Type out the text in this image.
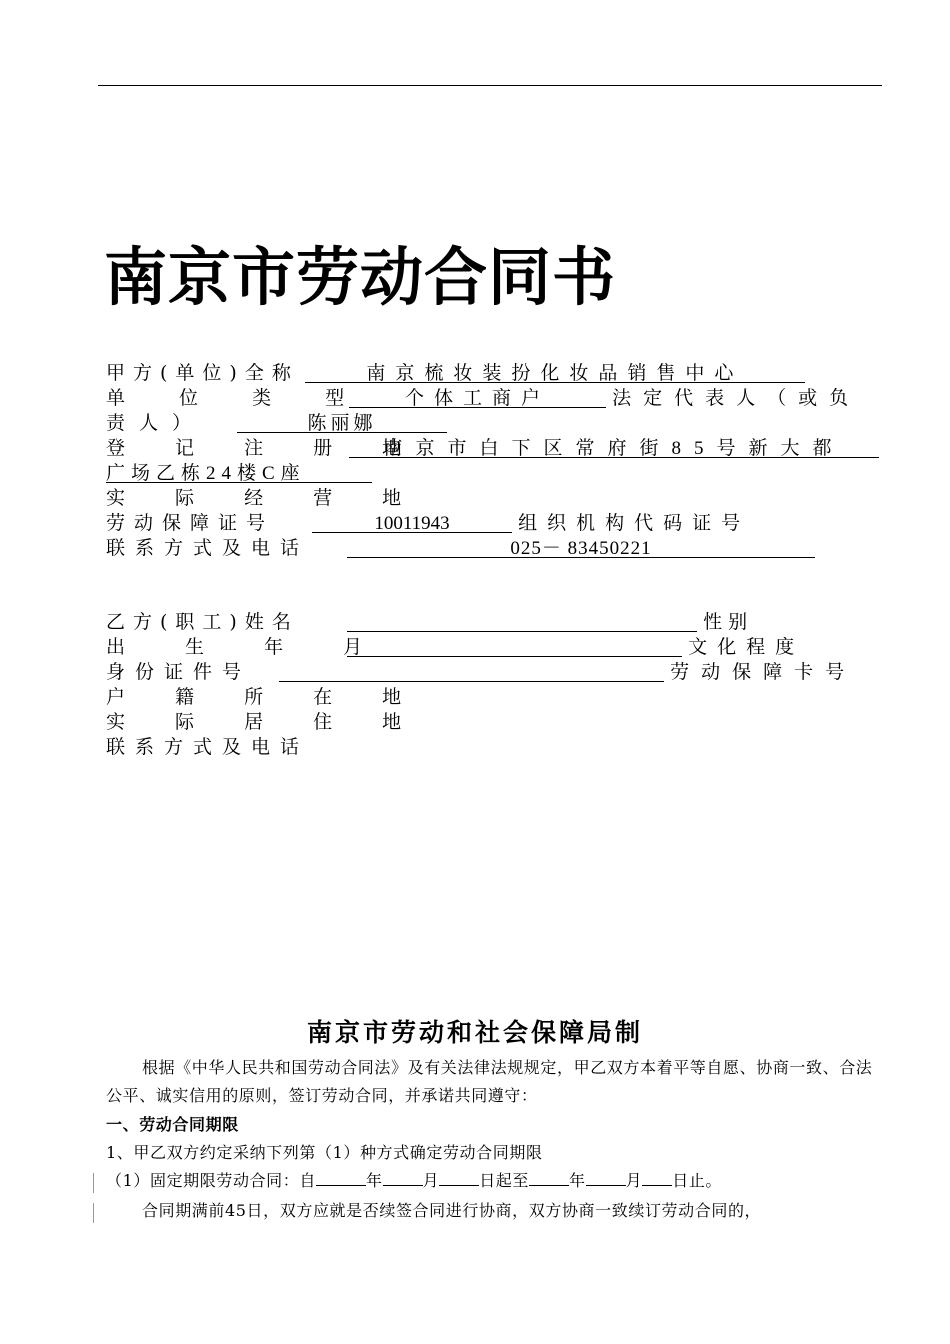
南京市劳动合同书
甲方(单位)全称	南京梳妆装扮化妆品销售中心
单 位 类 型 个体工商户	法定代表人（或负
责人）	陈丽娜
登 记 注 册 地 南京市白下区常府街85号新大都
广场乙栋24楼C座
实 际 经 营 地
劳动保障证号	10011943	组织机构代码证号
联系方式及电话	025－ 83450221
乙方(职工)姓名	性别
出 生 年 月	文化程度
身份证件号	劳动保障卡号
户 籍 所 在 地
实 际 居 住 地
联系方式及电话
南京市劳动和社会保障局制
根据《中华人民共和国劳动合同法》及有关法律法规规定，甲乙双方本着平等自愿、协商一致、合法公平、诚实信用的原则，签订劳动合同，并承诺共同遵守：
一、劳动合同期限
1、甲乙双方约定采纳下列第（1）种方式确定劳动合同期限
（1）固定期限劳动合同：自	年	月	日起至	年	月 日止。
合同期满前45日，双方应就是否续签合同进行协商，双方协商一致续订劳动合同的，
